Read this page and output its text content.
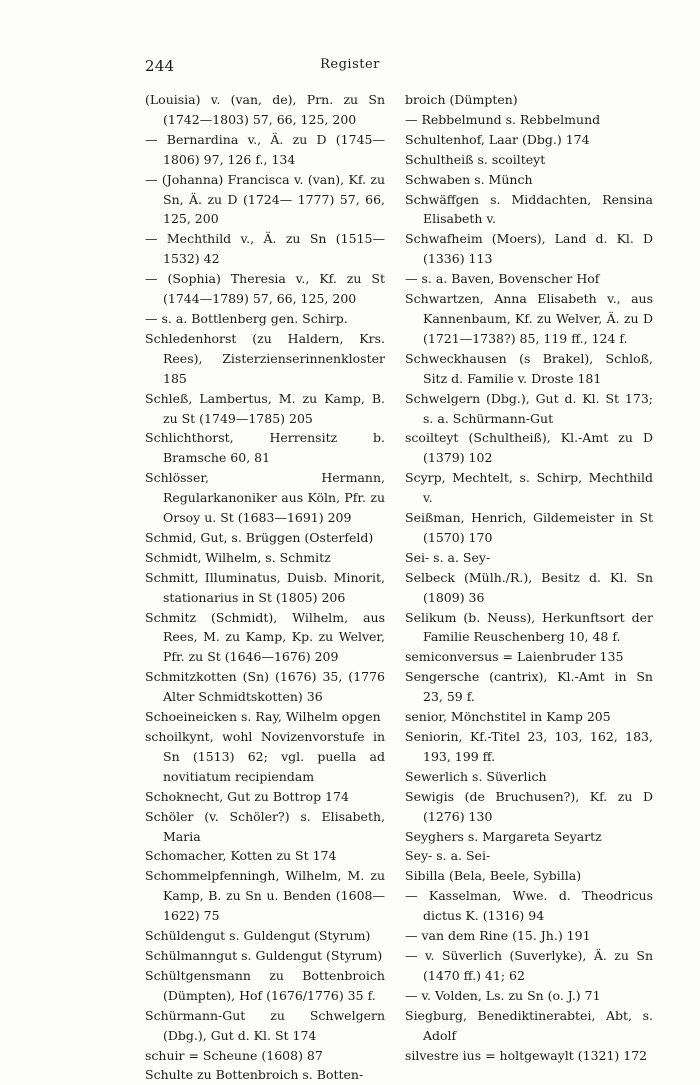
244	Register
(Louisia) v. (van, de), Prn. zu Sn (1742—1803) 57, 66, 125, 200
— Bernardina v., Ä. zu D (1745—1806) 97, 126 f., 134
— (Johanna) Francisca v. (van), Kf. zu Sn, Ä. zu D (1724— 1777) 57, 66, 125, 200
— Mechthild v., Ä. zu Sn (1515—1532) 42
— (Sophia) Theresia v., Kf. zu St (1744—1789) 57, 66, 125, 200
— s. a. Bottlenberg gen. Schirp.
Schledenhorst (zu Haldern, Krs. Rees), Zisterzienserinnenkloster 185
Schleß, Lambertus, M. zu Kamp, B. zu St (1749—1785) 205
Schlichthorst, Herrensitz b. Bramsche 60, 81
Schlösser, Hermann, Regularkanoniker aus Köln, Pfr. zu Orsoy u. St (1683—1691) 209
Schmid, Gut, s. Brüggen (Osterfeld)
Schmidt, Wilhelm, s. Schmitz
Schmitt, Illuminatus, Duisb. Minorit, stationarius in St (1805) 206
Schmitz (Schmidt), Wilhelm, aus Rees, M. zu Kamp, Kp. zu Welver, Pfr. zu St (1646—1676) 209
Schmitzkotten (Sn) (1676) 35, (1776 Alter Schmidtskotten) 36
Schoeineicken s. Ray, Wilhelm opgen
schoilkynt, wohl Novizenvorstufe in Sn (1513) 62; vgl. puella ad novitiatum recipiendam
Schoknecht, Gut zu Bottrop 174
Schöler (v. Schöler?) s. Elisabeth, Maria
Schomacher, Kotten zu St 174
Schommelpfenningh, Wilhelm, M. zu Kamp, B. zu Sn u. Benden (1608—1622) 75
Schüldengut s. Guldengut (Styrum)
Schülmanngut s. Guldengut (Styrum)
Schültgensmann zu Bottenbroich (Dümpten), Hof (1676/1776) 35 f.
Schürmann-Gut zu Schwelgern (Dbg.), Gut d. Kl. St 174
schuir = Scheune (1608) 87
Schulte zu Bottenbroich s. Botten-
broich (Dümpten)
— Rebbelmund s. Rebbelmund
Schultenhof, Laar (Dbg.) 174
Schultheiß s. scoilteyt
Schwaben s. Münch
Schwäffgen s. Middachten, Rensina Elisabeth v.
Schwafheim (Moers), Land d. Kl. D (1336) 113
— s. a. Baven, Bovenscher Hof
Schwartzen, Anna Elisabeth v., aus Kannenbaum, Kf. zu Welver, Ä. zu D (1721—1738?) 85, 119 ff., 124 f.
Schweckhausen (s Brakel), Schloß, Sitz d. Familie v. Droste 181
Schwelgern (Dbg.), Gut d. Kl. St 173; s. a. Schürmann-Gut
scoilteyt (Schultheiß), Kl.-Amt zu D (1379) 102
Scyrp, Mechtelt, s. Schirp, Mechthild v.
Seißman, Henrich, Gildemeister in St (1570) 170
Sei- s. a. Sey-
Selbeck (Mülh./R.), Besitz d. Kl. Sn (1809) 36
Selikum (b. Neuss), Herkunftsort der Familie Reuschenberg 10, 48 f.
semiconversus = Laienbruder 135
Sengersche (cantrix), Kl.-Amt in Sn 23, 59 f.
senior, Mönchstitel in Kamp 205
Seniorin, Kf.-Titel 23, 103, 162, 183, 193, 199 ff.
Sewerlich s. Süverlich
Sewigis (de Bruchusen?), Kf. zu D (1276) 130
Seyghers s. Margareta Seyartz
Sey- s. a. Sei-
Sibilla (Bela, Beele, Sybilla)
— Kasselman, Wwe. d. Theodricus dictus K. (1316) 94
— van dem Rine (15. Jh.) 191
— v. Süverlich (Suverlyke), Ä. zu Sn (1470 ff.) 41; 62
— v. Volden, Ls. zu Sn (o. J.) 71
Siegburg, Benediktinerabtei, Abt, s. Adolf
silvestre ius = holtgewaylt (1321) 172
